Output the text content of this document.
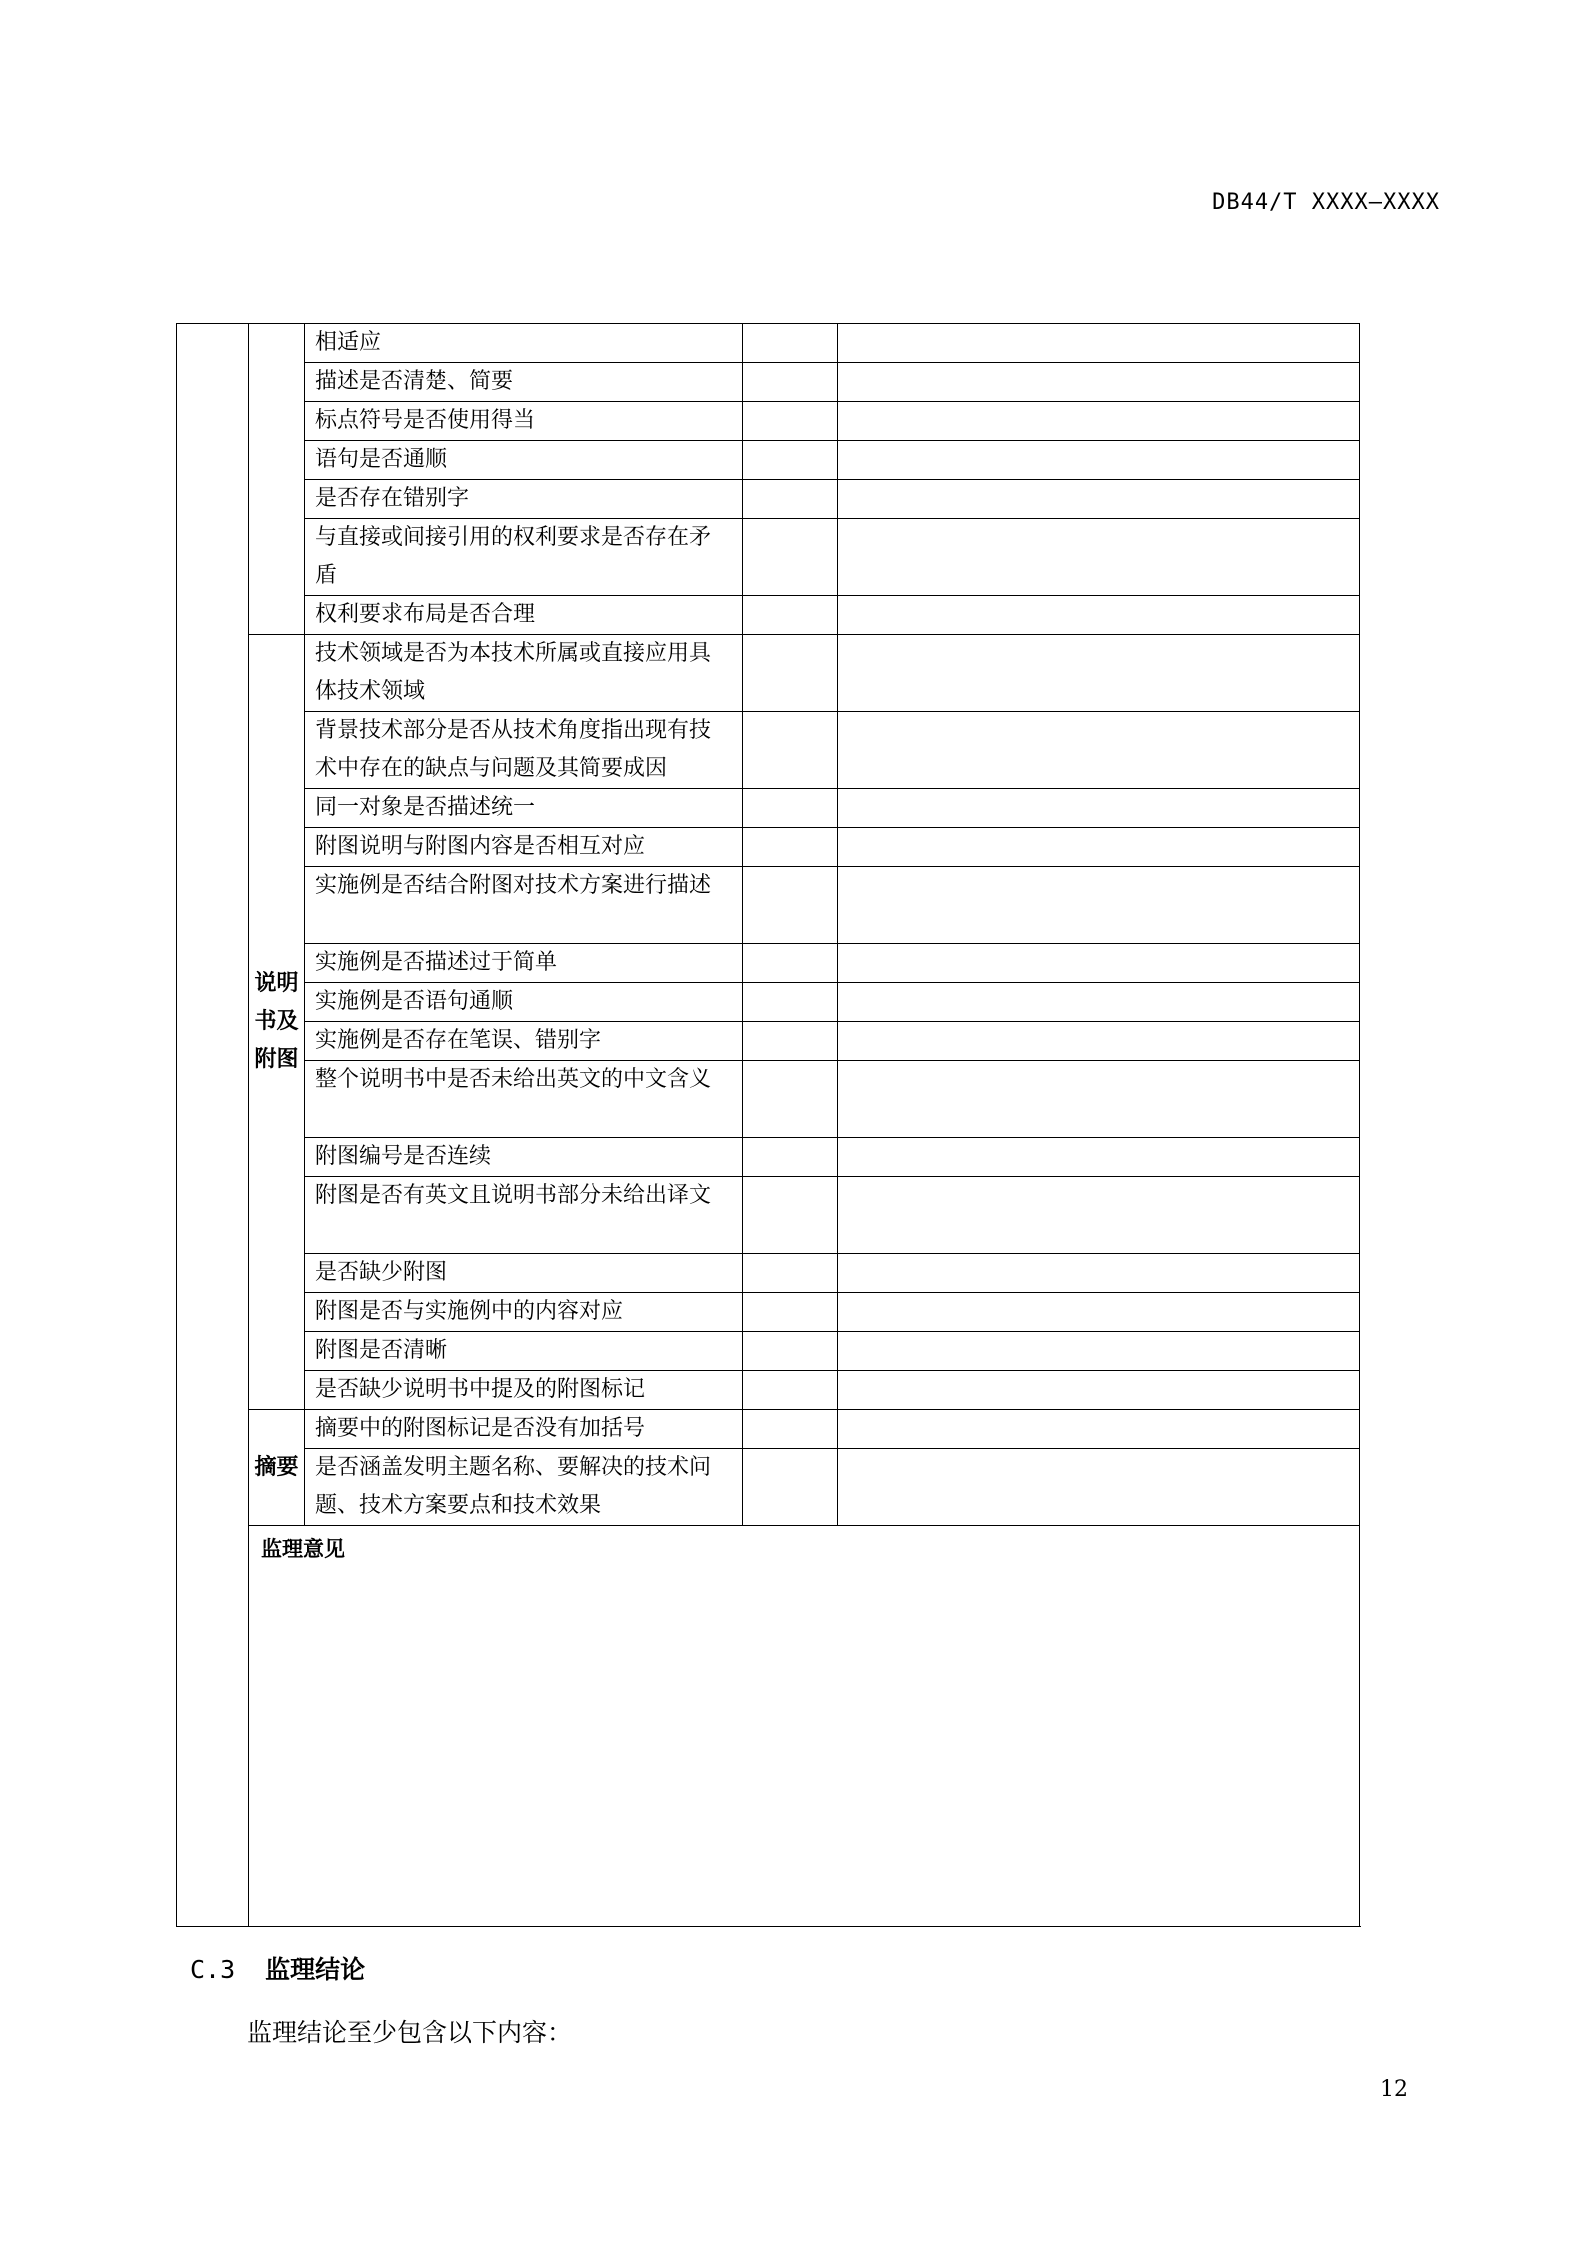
DB44/T XXXX—XXXX
		相适应		
		描述是否清楚、简要		
		标点符号是否使用得当		
		语句是否通顺		
		是否存在错别字		
		与直接或间接引用的权利要求是否存在矛盾		
		权利要求布局是否合理		
	说明书及附图	技术领域是否为本技术所属或直接应用具体技术领域		
		背景技术部分是否从技术角度指出现有技术中存在的缺点与问题及其简要成因		
		同一对象是否描述统一		
		附图说明与附图内容是否相互对应		
		实施例是否结合附图对技术方案进行描述		
		实施例是否描述过于简单		
		实施例是否语句通顺		
		实施例是否存在笔误、错别字		
		整个说明书中是否未给出英文的中文含义		
		附图编号是否连续		
		附图是否有英文且说明书部分未给出译文		
		是否缺少附图		
		附图是否与实施例中的内容对应		
		附图是否清晰		
		是否缺少说明书中提及的附图标记		
	摘要	摘要中的附图标记是否没有加括号		
		是否涵盖发明主题名称、要解决的技术问题、技术方案要点和技术效果		

	监理意见			
C.3 监理结论
监理结论至少包含以下内容：
12
